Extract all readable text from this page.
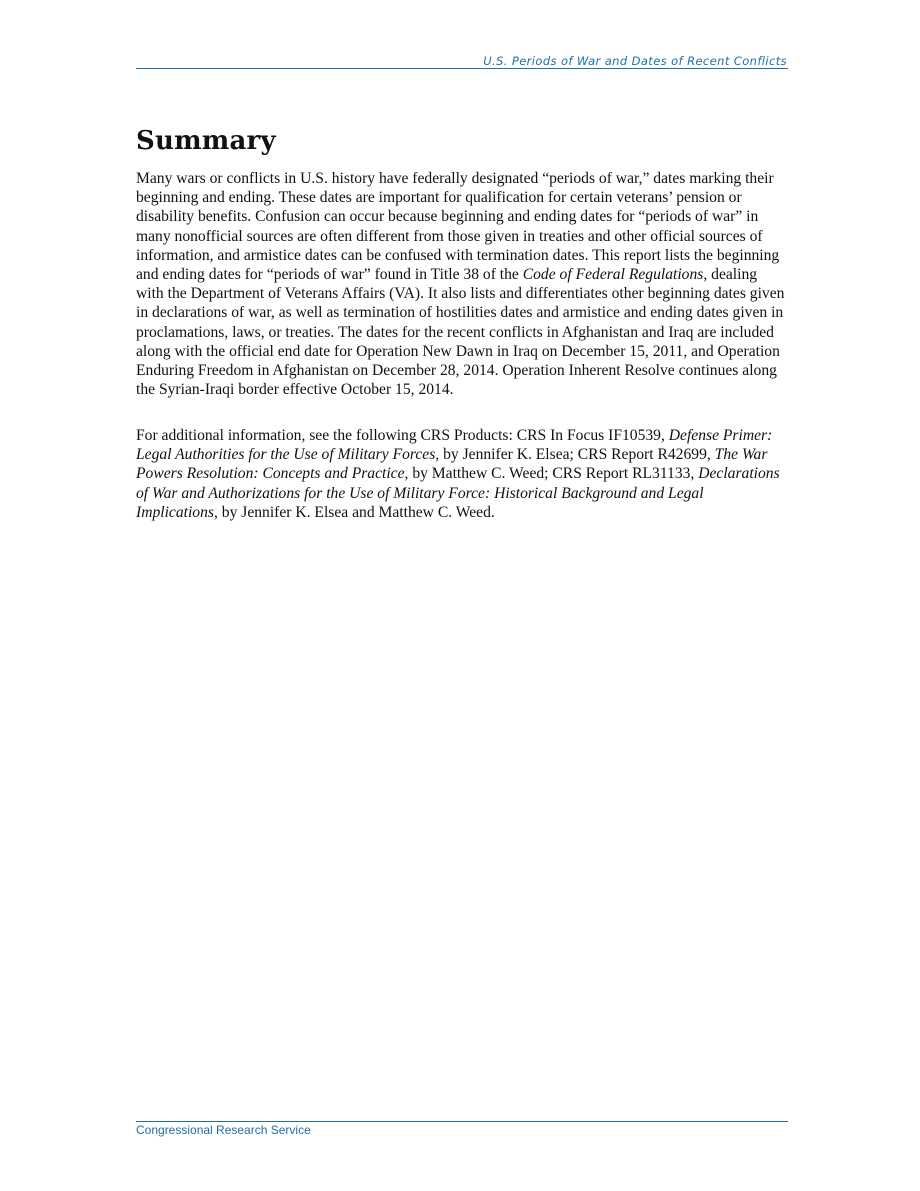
U.S. Periods of War and Dates of Recent Conflicts
Summary

Many wars or conflicts in U.S. history have federally designated “periods of war,” dates marking their beginning and ending. These dates are important for qualification for certain veterans’ pension or disability benefits. Confusion can occur because beginning and ending dates for “periods of war” in many nonofficial sources are often different from those given in treaties and other official sources of information, and armistice dates can be confused with termination dates. This report lists the beginning and ending dates for “periods of war” found in Title 38 of the Code of Federal Regulations, dealing with the Department of Veterans Affairs (VA). It also lists and differentiates other beginning dates given in declarations of war, as well as termination of hostilities dates and armistice and ending dates given in proclamations, laws, or treaties. The dates for the recent conflicts in Afghanistan and Iraq are included along with the official end date for Operation New Dawn in Iraq on December 15, 2011, and Operation Enduring Freedom in Afghanistan on December 28, 2014. Operation Inherent Resolve continues along the Syrian-Iraqi border effective October 15, 2014.

For additional information, see the following CRS Products: CRS In Focus IF10539, Defense Primer: Legal Authorities for the Use of Military Forces, by Jennifer K. Elsea; CRS Report R42699, The War Powers Resolution: Concepts and Practice, by Matthew C. Weed; CRS Report RL31133, Declarations of War and Authorizations for the Use of Military Force: Historical Background and Legal Implications, by Jennifer K. Elsea and Matthew C. Weed.

Congressional Research Service
